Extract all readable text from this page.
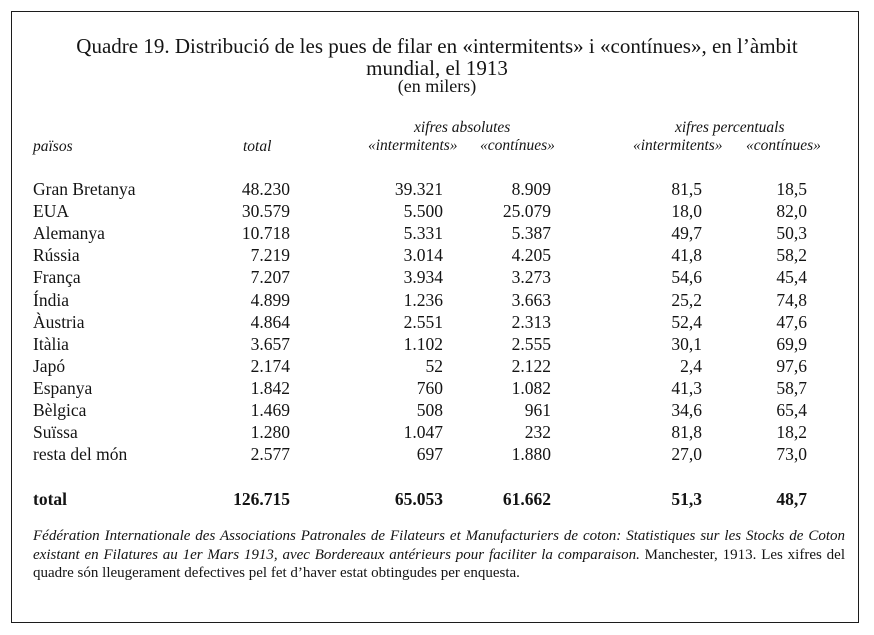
Quadre 19. Distribució de les pues de filar en «intermitents» i «contínues», en l’àmbit
mundial, el 1913
(en milers)
països	total
xifres absolutes	xifres percentuals
«intermitents» «contínues»	«intermitents» «contínues»
Gran Bretanya	48.230	39.321	8.909	81,5	18,5
EUA	30.579	5.500	25.079	18,0	82,0
Alemanya	10.718	5.331	5.387	49,7	50,3
Rússia	7.219	3.014	4.205	41,8	58,2
França	7.207	3.934	3.273	54,6	45,4
Índia	4.899	1.236	3.663	25,2	74,8
Àustria	4.864	2.551	2.313	52,4	47,6
Itàlia	3.657	1.102	2.555	30,1	69,9
Japó	2.174	52	2.122	2,4	97,6
Espanya	1.842	760	1.082	41,3	58,7
Bèlgica	1.469	508	961	34,6	65,4
Suïssa	1.280	1.047	232	81,8	18,2
resta del món	2.577	697	1.880	27,0	73,0
total	126.715	65.053	61.662	51,3	48,7
Fédération Internationale des Associations Patronales de Filateurs et Manufacturiers de coton: Statistiques sur les Stocks de Coton existant en Filatures au 1er Mars 1913, avec Bordereaux antérieurs pour faciliter la comparaison. Manchester, 1913. Les xifres del quadre són lleugerament defectives pel fet d’haver estat obtingudes per enquesta.
